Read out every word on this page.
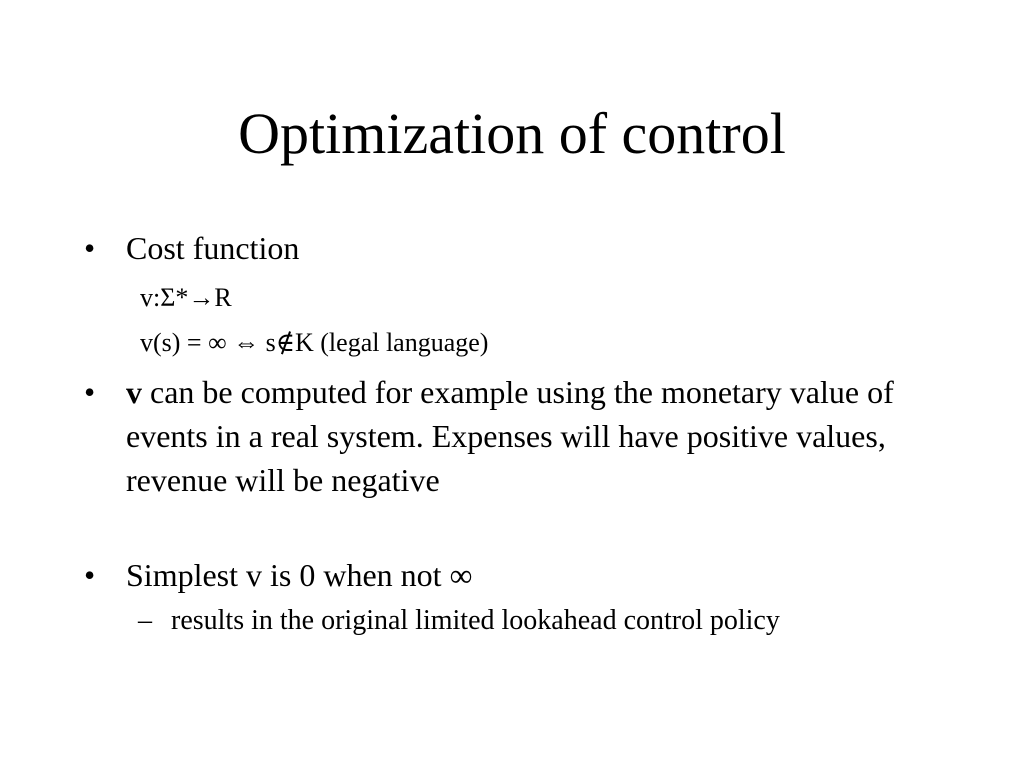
Optimization of control
• Cost function
v:Σ*→R
v(s) = ∞ ⇔ s∉K (legal language)
• v can be computed for example using the monetary value of events in a real system. Expenses will have positive values, revenue will be negative
• Simplest v is 0 when not ∞
– results in the original limited lookahead control policy
